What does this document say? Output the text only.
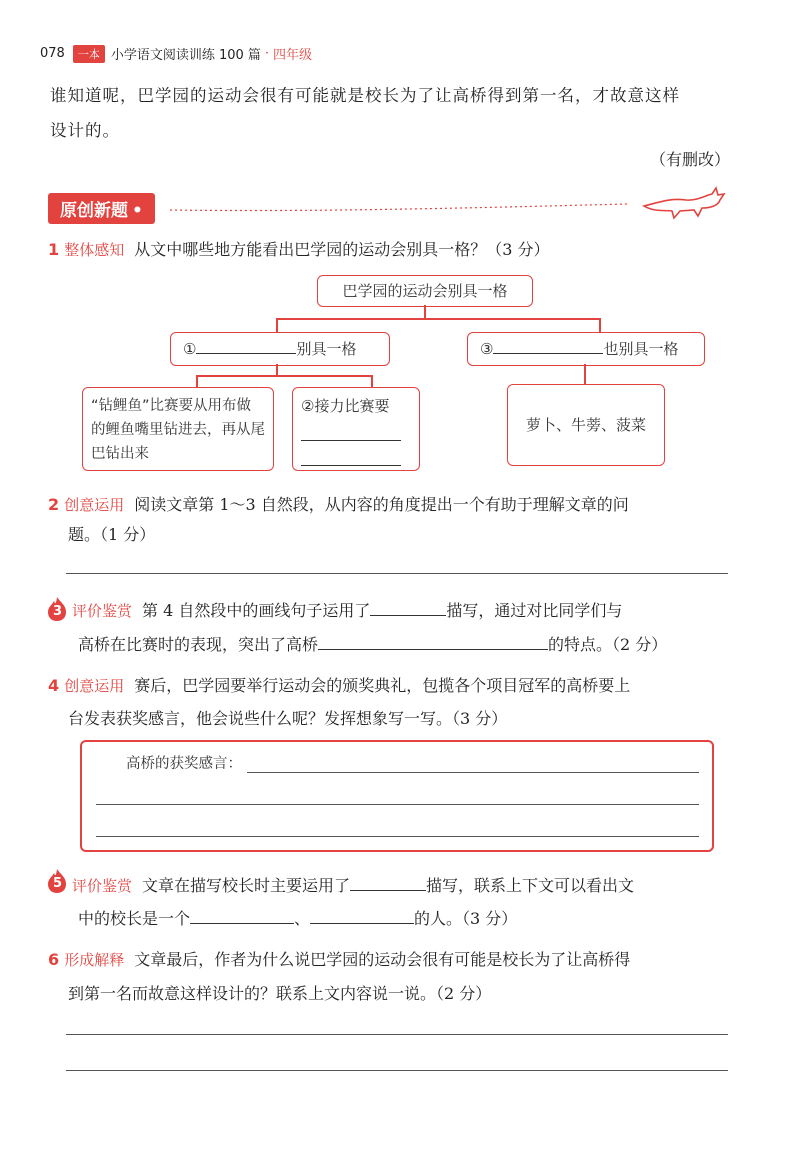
078	一本 小学语文阅读训练 100 篇 · 四年级
谁知道呢，巴学园的运动会很有可能就是校长为了让高桥得到第一名，才故意这样
设计的。
（有删改）
原创新题 •
1 整体感知 从文中哪些地方能看出巴学园的运动会别具一格？（3 分）
巴学园的运动会别具一格
①	别具一格	③	也别具一格
“钻鲤鱼”比赛要从用布做的鲤鱼嘴里钻进去，再从尾巴钻出来
②接力比赛要
萝卜、牛蒡、菠菜
2 创意运用 阅读文章第 1～3 自然段，从内容的角度提出一个有助于理解文章的问
题。（1 分）
3 评价鉴赏 第 4 自然段中的画线句子运用了	描写，通过对比同学们与
高桥在比赛时的表现，突出了高桥	的特点。（2 分）
4 创意运用 赛后，巴学园要举行运动会的颁奖典礼，包揽各个项目冠军的高桥要上
台发表获奖感言，他会说些什么呢？发挥想象写一写。（3 分）
高桥的获奖感言：
5 评价鉴赏 文章在描写校长时主要运用了	描写，联系上下文可以看出文
中的校长是一个	、	的人。（3 分）
6 形成解释 文章最后，作者为什么说巴学园的运动会很有可能是校长为了让高桥得
到第一名而故意这样设计的？联系上文内容说一说。（2 分）
